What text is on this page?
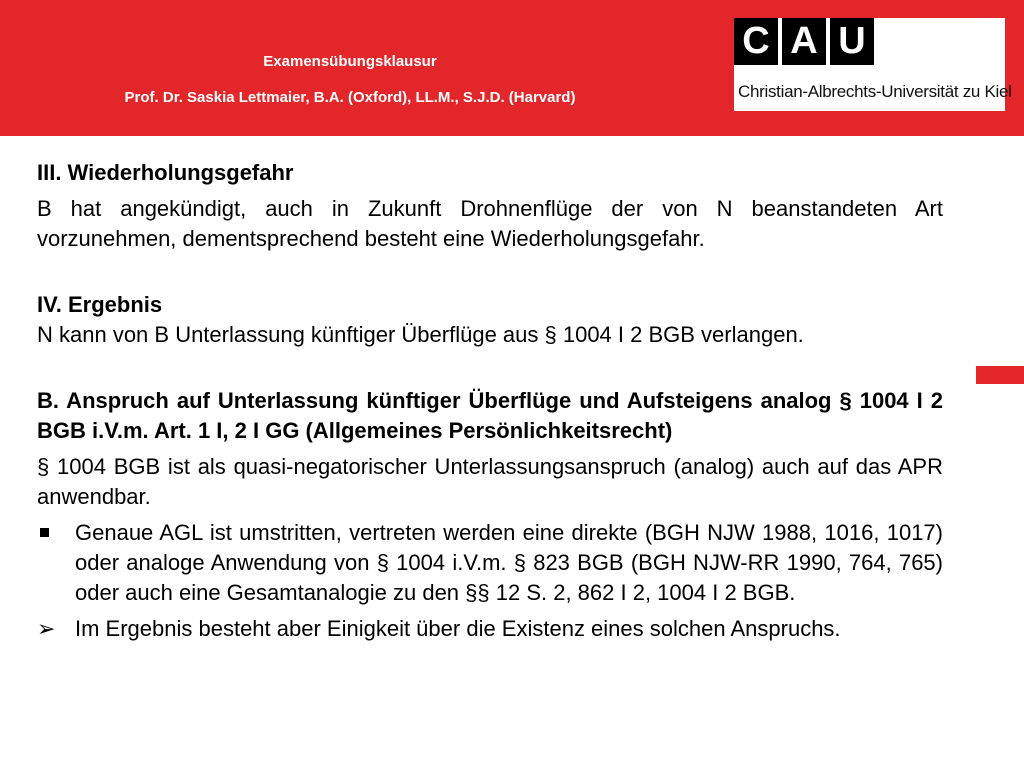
Examensübungsklausur
Prof. Dr. Saskia Lettmaier, B.A. (Oxford), LL.M., S.J.D. (Harvard)
C A U
Christian-Albrechts-Universität zu Kiel

III. Wiederholungsgefahr

B hat angekündigt, auch in Zukunft Drohnenflüge der von N beanstandeten Art vorzunehmen, dementsprechend besteht eine Wiederholungsgefahr.

IV. Ergebnis

N kann von B Unterlassung künftiger Überflüge aus § 1004 I 2 BGB verlangen.

B. Anspruch auf Unterlassung künftiger Überflüge und Aufsteigens analog § 1004 I 2 BGB i.V.m. Art. 1 I, 2 I GG (Allgemeines Persönlichkeitsrecht)

§ 1004 BGB ist als quasi-negatorischer Unterlassungsanspruch (analog) auch auf das APR anwendbar.

Genaue AGL ist umstritten, vertreten werden eine direkte (BGH NJW 1988, 1016, 1017) oder analoge Anwendung von § 1004 i.V.m. § 823 BGB (BGH NJW-RR 1990, 764, 765) oder auch eine Gesamtanalogie zu den §§ 12 S. 2, 862 I 2, 1004 I 2 BGB.

➢ Im Ergebnis besteht aber Einigkeit über die Existenz eines solchen Anspruchs.
